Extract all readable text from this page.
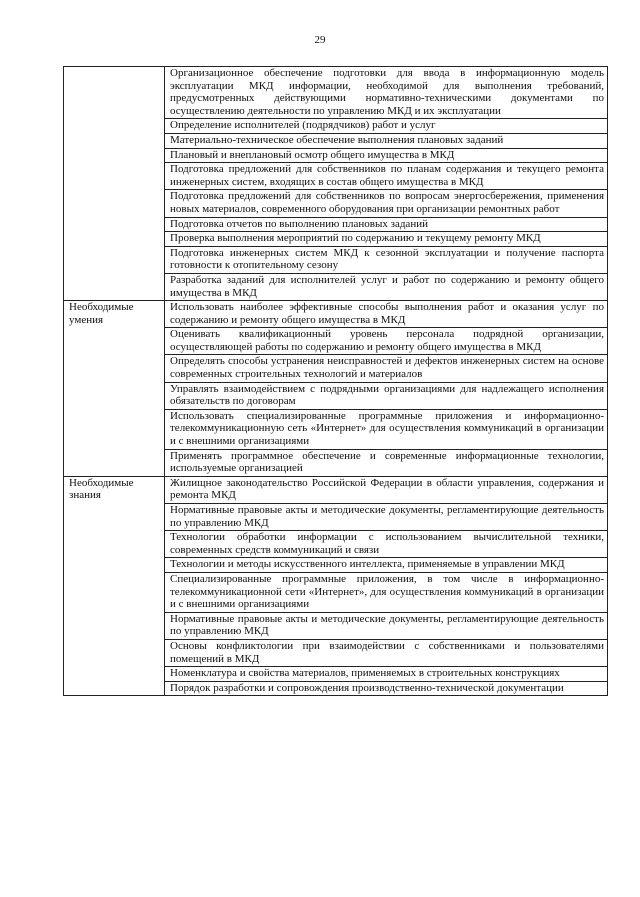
29
	Организационное обеспечение подготовки для ввода в информационную модель эксплуатации МКД информации, необходимой для выполнения требований, предусмотренных действующими нормативно-техническими документами по осуществлению деятельности по управлению МКД и их эксплуатации
	Определение исполнителей (подрядчиков) работ и услуг
	Материально-техническое обеспечение выполнения плановых заданий
	Плановый и внеплановый осмотр общего имущества в МКД
	Подготовка предложений для собственников по планам содержания и текущего ремонта инженерных систем, входящих в состав общего имущества в МКД
	Подготовка предложений для собственников по вопросам энергосбережения, применения новых материалов, современного оборудования при организации ремонтных работ
	Подготовка отчетов по выполнению плановых заданий
	Проверка выполнения мероприятий по содержанию и текущему ремонту МКД
	Подготовка инженерных систем МКД к сезонной эксплуатации и получение паспорта готовности к отопительному сезону
	Разработка заданий для исполнителей услуг и работ по содержанию и ремонту общего имущества в МКД
Необходимые умения	Использовать наиболее эффективные способы выполнения работ и оказания услуг по содержанию и ремонту общего имущества в МКД
	Оценивать квалификационный уровень персонала подрядной организации, осуществляющей работы по содержанию и ремонту общего имущества в МКД
	Определять способы устранения неисправностей и дефектов инженерных систем на основе современных строительных технологий и материалов
	Управлять взаимодействием с подрядными организациями для надлежащего исполнения обязательств по договорам
	Использовать специализированные программные приложения и информационно-телекоммуникационную сеть «Интернет» для осуществления коммуникаций в организации и с внешними организациями
	Применять программное обеспечение и современные информационные технологии, используемые организацией
Необходимые знания	Жилищное законодательство Российской Федерации в области управления, содержания и ремонта МКД
	Нормативные правовые акты и методические документы, регламентирующие деятельность по управлению МКД
	Технологии обработки информации с использованием вычислительной техники, современных средств коммуникаций и связи
	Технологии и методы искусственного интеллекта, применяемые в управлении МКД
	Специализированные программные приложения, в том числе в информационно-телекоммуникационной сети «Интернет», для осуществления коммуникаций в организации и с внешними организациями
	Нормативные правовые акты и методические документы, регламентирующие деятельность по управлению МКД
	Основы конфликтологии при взаимодействии с собственниками и пользователями помещений в МКД
	Номенклатура и свойства материалов, применяемых в строительных конструкциях
	Порядок разработки и сопровождения производственно-технической документации
